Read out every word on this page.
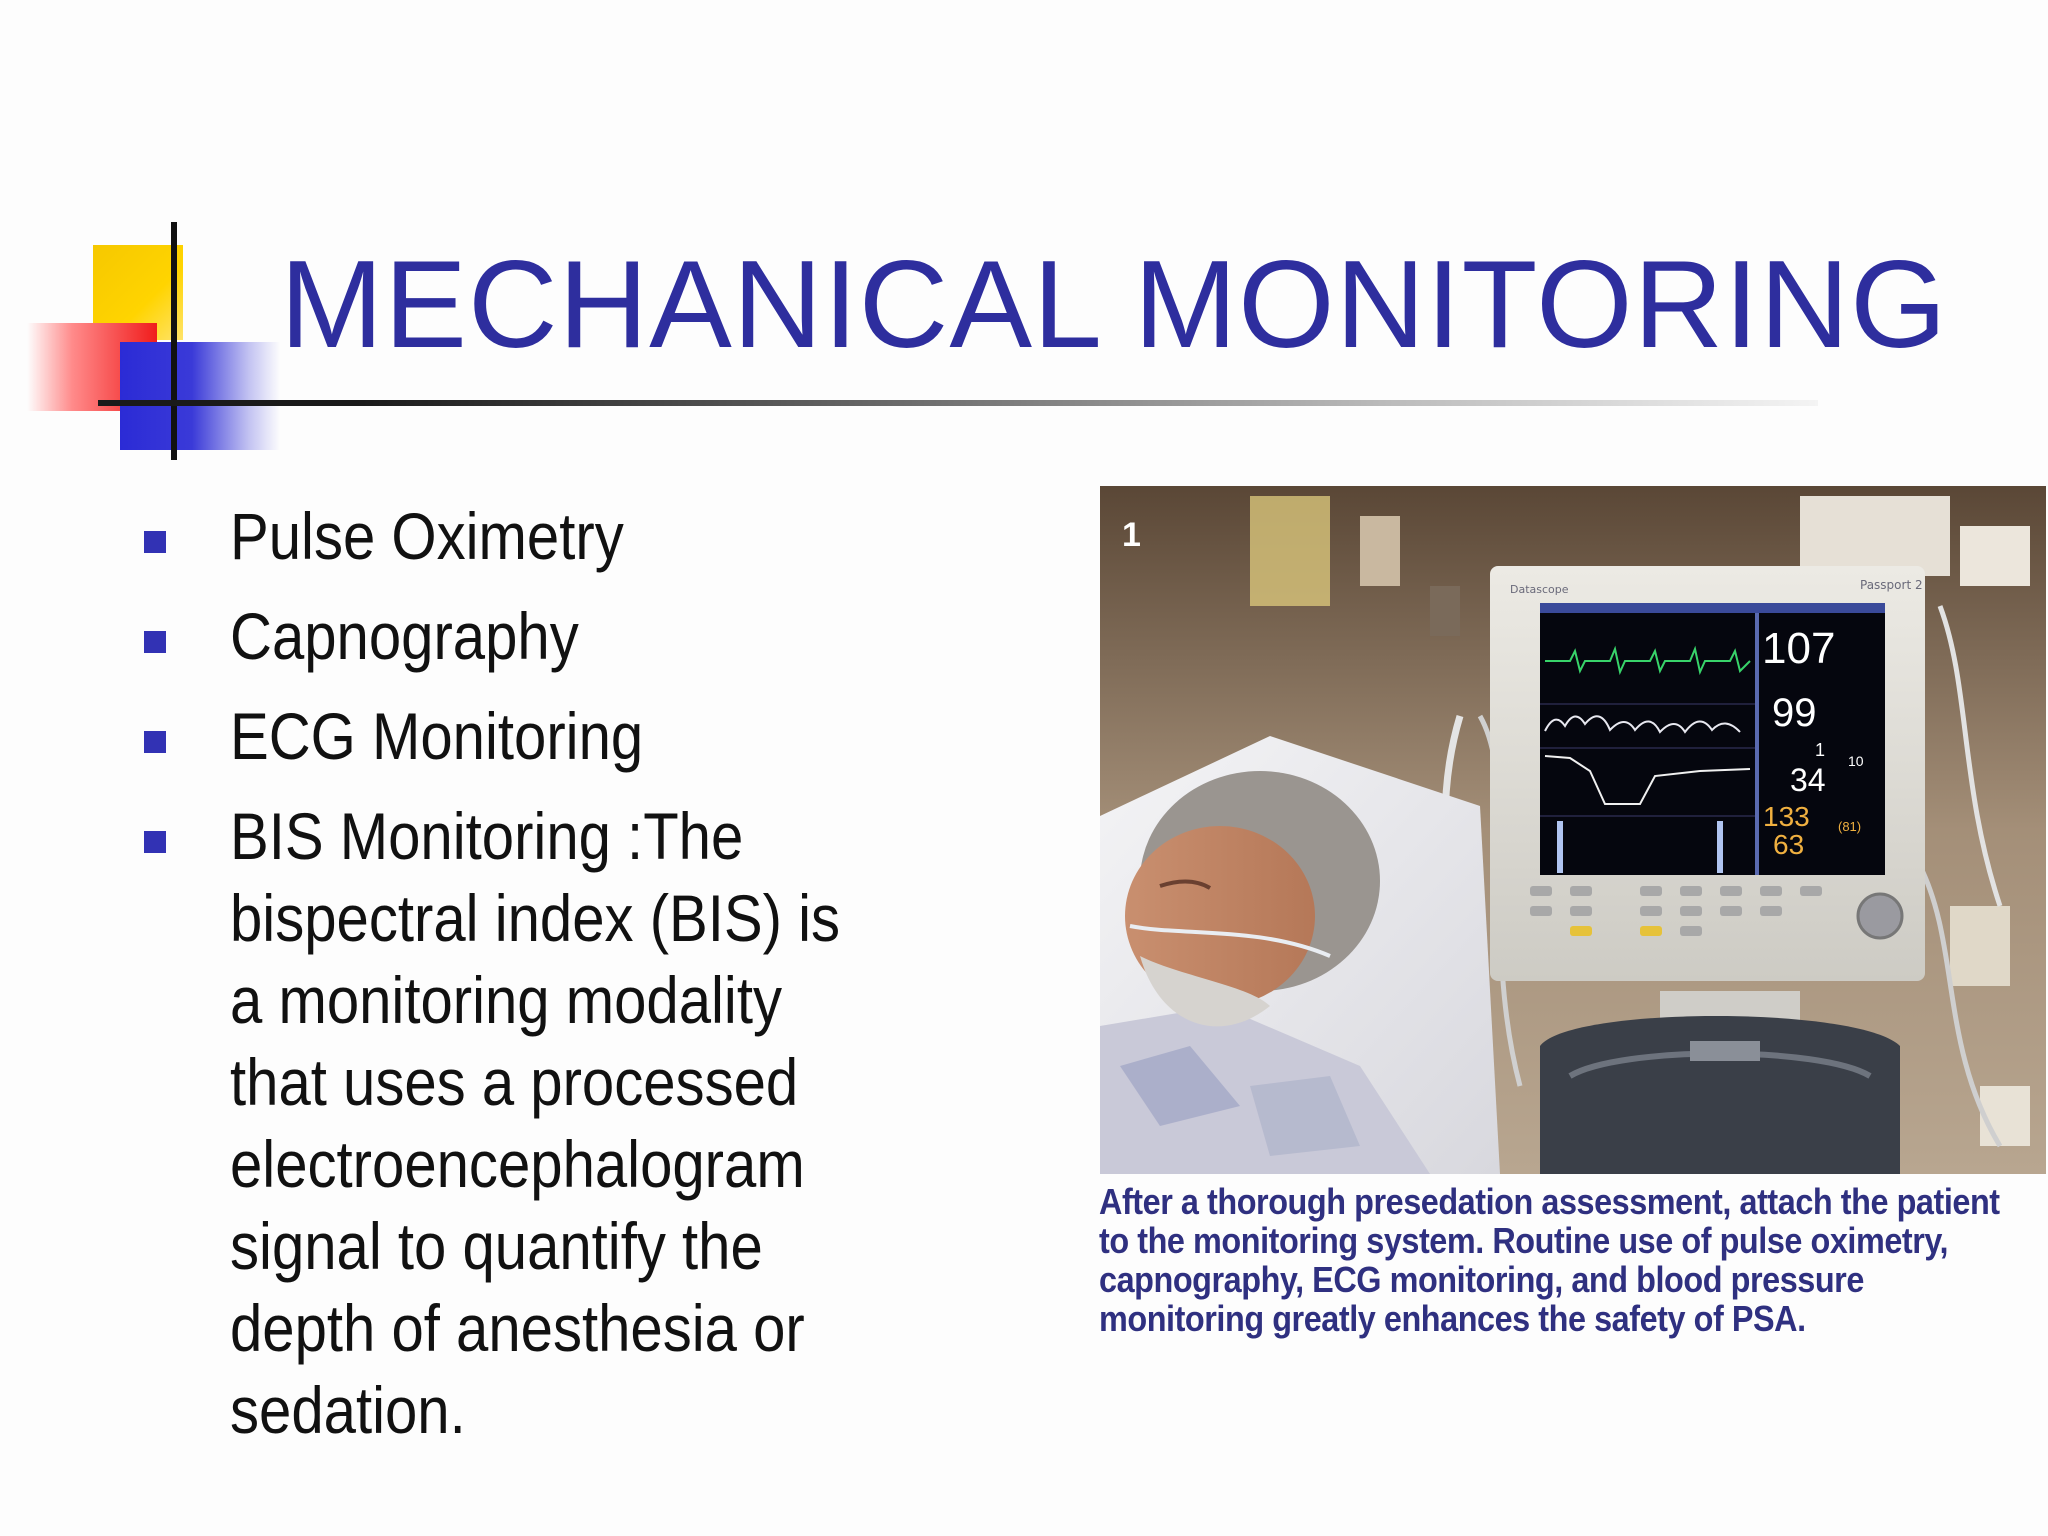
MECHANICAL MONITORING
Pulse Oximetry
Capnography
ECG Monitoring
BIS Monitoring :The bispectral index (BIS) is a monitoring modality that uses a processed electroencephalogram signal to quantify the depth of anesthesia or sedation.
Datascope	Passport 2
107
99
1
10
34
133 (81)
63
1
After a thorough presedation assessment, attach the patient to the monitoring system. Routine use of pulse oximetry, capnography, ECG monitoring, and blood pressure monitoring greatly enhances the safety of PSA.
